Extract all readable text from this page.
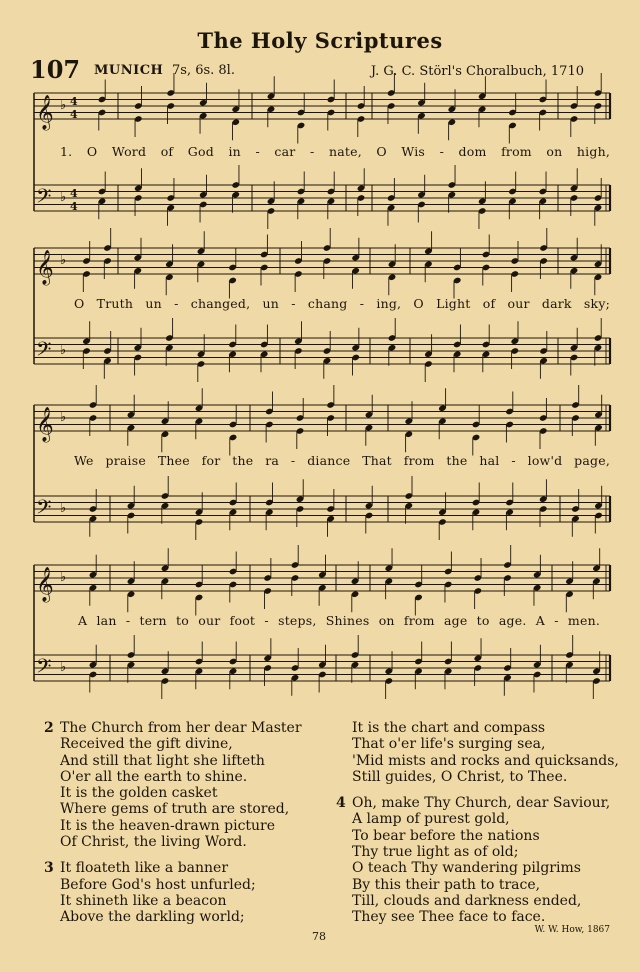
The Holy Scriptures
107 MUNICH 7s, 6s. 8l.	J. G. C. Störl's Choralbuch, 1710
𝄞 ♭ 4
4
𝄢 ♭ 4
4
𝄞 ♭
𝄢 ♭
𝄞 ♭
𝄢 ♭
𝄞 ♭
𝄢 ♭
1. O Word of God in - car - nate, O Wis - dom from on high,
O Truth un - changed, un - chang - ing, O Light of our dark sky;
We praise Thee for the ra - diance That from the hal - low'd page,
A lan - tern to our foot - steps, Shines on from age to age. A - men.
2 The Church from her dear Master
Received the gift divine,
And still that light she lifteth
O'er all the earth to shine.
It is the golden casket
Where gems of truth are stored,
It is the heaven-drawn picture
Of Christ, the living Word.
3 It floateth like a banner
Before God's host unfurled;
It shineth like a beacon
Above the darkling world;
It is the chart and compass
That o'er life's surging sea,
'Mid mists and rocks and quicksands,
Still guides, O Christ, to Thee.
4 Oh, make Thy Church, dear Saviour,
A lamp of purest gold,
To bear before the nations
Thy true light as of old;
O teach Thy wandering pilgrims
By this their path to trace,
Till, clouds and darkness ended,
They see Thee face to face.
78	W. W. How, 1867
